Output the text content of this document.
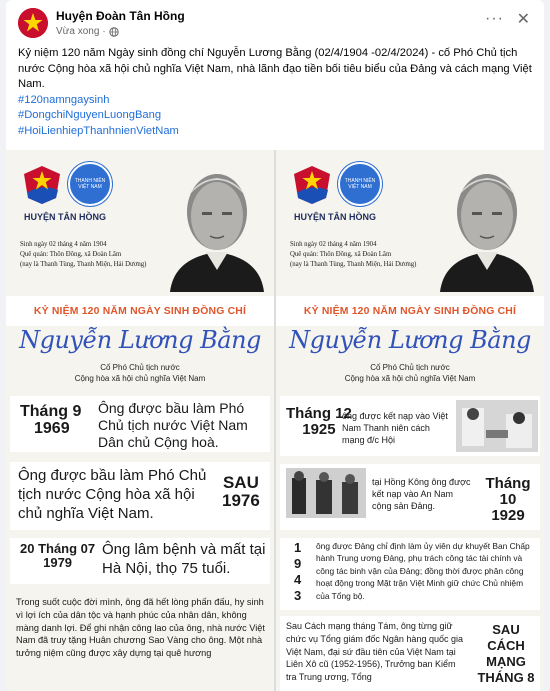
Huyện Đoàn Tân Hồng
Vừa xong ·
··· ✕
Kỷ niệm 120 năm Ngày sinh đồng chí Nguyễn Lương Bằng (02/4/1904 -02/4/2024) - cố Phó Chủ tịch nước Cộng hòa xã hội chủ nghĩa Việt Nam, nhà lãnh đạo tiền bối tiêu biểu của Đảng và cách mạng Việt Nam.
#120namngaysinh
#DongchiNguyenLuongBang
#HoiLienhiepThanhnienVietNam
THANH NIÊN VIỆT NAM
HUYỆN TÂN HỒNG
Sinh ngày 02 tháng 4 năm 1904
Quê quán: Thôn Đông, xã Đoàn Lâm
(nay là Thanh Tùng, Thanh Miện, Hải Dương)
KỶ NIỆM 120 NĂM NGÀY SINH ĐỒNG CHÍ
Nguyễn Lương Bằng
Cố Phó Chủ tịch nước
Cộng hòa xã hội chủ nghĩa Việt Nam
Tháng 9
1969
Ông được bầu làm Phó Chủ tịch nước Việt Nam Dân chủ Cộng hoà.
Ông được bầu làm Phó Chủ tịch nước Cộng hòa xã hội chủ nghĩa Việt Nam.
SAU
1976
20 Tháng 07
1979
Ông lâm bệnh và mất tại Hà Nội, thọ 75 tuổi.
Trong suốt cuộc đời mình, ông đã hết lòng phấn đấu, hy sinh vì lợi ích của dân tộc và hạnh phúc của nhân dân, không màng danh lợi. Để ghi nhận công lao của ông, nhà nước Việt Nam đã truy tặng Huân chương Sao Vàng cho ông. Một nhà tưởng niệm cũng được xây dựng tại quê hương
THANH NIÊN VIỆT NAM
HUYỆN TÂN HỒNG
Sinh ngày 02 tháng 4 năm 1904
Quê quán: Thôn Đông, xã Đoàn Lâm
(nay là Thanh Tùng, Thanh Miện, Hải Dương)
KỶ NIỆM 120 NĂM NGÀY SINH ĐỒNG CHÍ
Nguyễn Lương Bằng
Cố Phó Chủ tịch nước
Cộng hòa xã hội chủ nghĩa Việt Nam
Tháng 12
1925
ông được kết nạp vào Việt Nam Thanh niên cách mạng đ/c Hội
tại Hồng Kông ông được kết nạp vào An Nam cộng sản Đảng.
Tháng 10
1929
1
9
4
3
ông được Đảng chỉ định làm ủy viên dự khuyết Ban Chấp hành Trung ương Đảng, phụ trách công tác tài chính và công tác binh vận của Đảng; đồng thời được phân công hoạt động trong Mặt trận Việt Minh giữ chức Chủ nhiệm của Tổng bộ.
Sau Cách mạng tháng Tám, ông từng giữ chức vụ Tổng giám đốc Ngân hàng quốc gia Việt Nam, đại sứ đầu tiên của Việt Nam tại Liên Xô cũ (1952-1956), Trưởng ban Kiểm tra Trung ương, Tổng
SAU CÁCH
MẠNG
THÁNG 8
